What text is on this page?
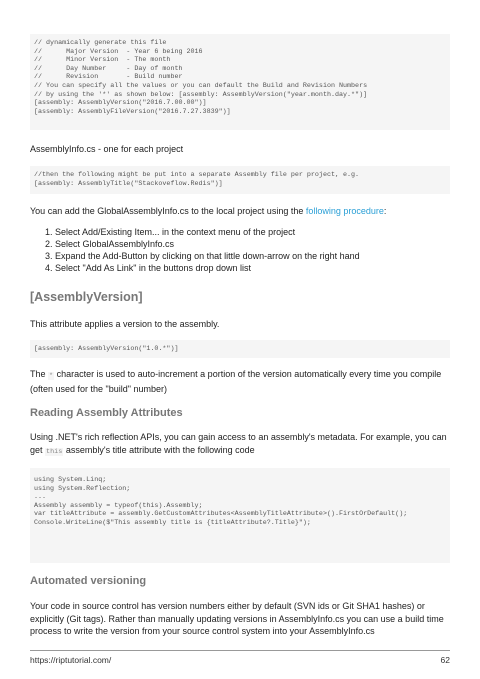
// dynamically generate this file
//      Major Version  - Year 6 being 2016
//      Minor Version  - The month
//      Day Number     - Day of month
//      Revision       - Build number
// You can specify all the values or you can default the Build and Revision Numbers
// by using the '*' as shown below: [assembly: AssemblyVersion("year.month.day.*")]
[assembly: AssemblyVersion("2016.7.00.00")]
[assembly: AssemblyFileVersion("2016.7.27.3839")]

AssemblyInfo.cs - one for each project

//then the following might be put into a separate Assembly file per project, e.g.
[assembly: AssemblyTitle("Stackoveflow.Redis")]

You can add the GlobalAssemblyInfo.cs to the local project using the following procedure:

1. Select Add/Existing Item... in the context menu of the project
2. Select GlobalAssemblyInfo.cs
3. Expand the Add-Button by clicking on that little down-arrow on the right hand
4. Select "Add As Link" in the buttons drop down list
[AssemblyVersion]

This attribute applies a version to the assembly.

[assembly: AssemblyVersion("1.0.*")]

The * character is used to auto-increment a portion of the version automatically every time you compile (often used for the "build" number)

Reading Assembly Attributes

Using .NET's rich reflection APIs, you can gain access to an assembly's metadata. For example, you can get this assembly's title attribute with the following code

using System.Linq;
using System.Reflection;
...
Assembly assembly = typeof(this).Assembly;
var titleAttribute = assembly.GetCustomAttributes<AssemblyTitleAttribute>().FirstOrDefault();
Console.WriteLine($"This assembly title is {titleAttribute?.Title}");
Automated versioning

Your code in source control has version numbers either by default (SVN ids or Git SHA1 hashes) or explicitly (Git tags). Rather than manually updating versions in AssemblyInfo.cs you can use a build time process to write the version from your source control system into your AssemblyInfo.cs

https://riptutorial.com/	62
